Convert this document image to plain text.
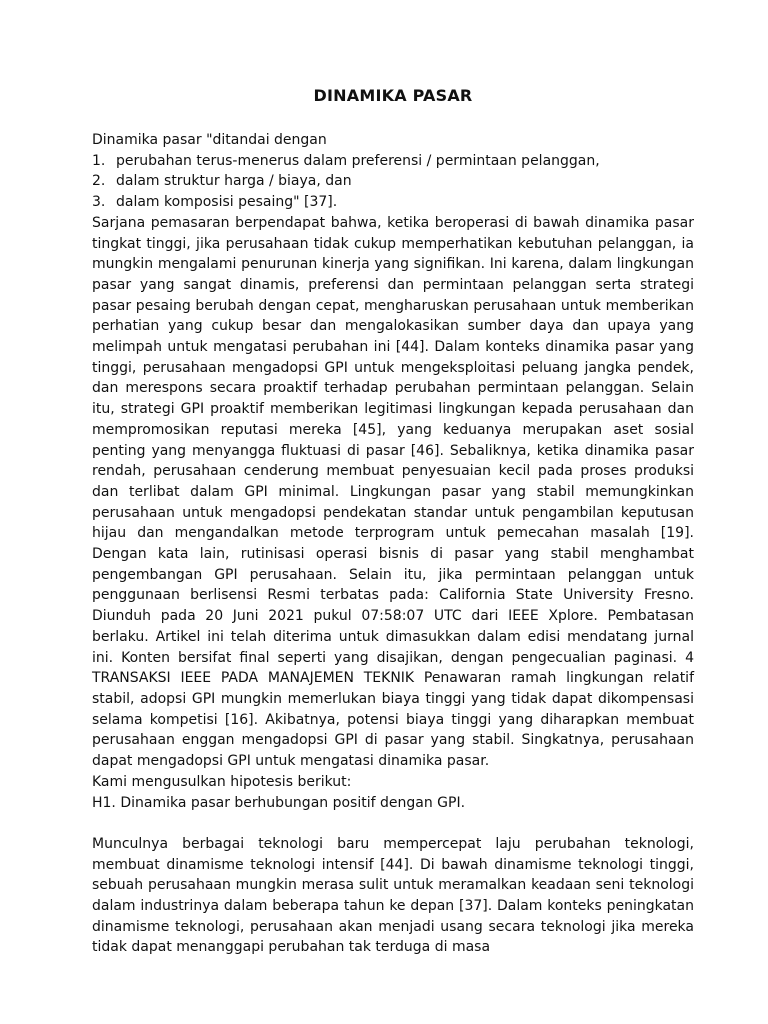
DINAMIKA PASAR

Dinamika pasar "ditandai dengan

1. perubahan terus-menerus dalam preferensi / permintaan pelanggan,

2. dalam struktur harga / biaya, dan

3. dalam komposisi pesaing" [37].

Sarjana pemasaran berpendapat bahwa, ketika beroperasi di bawah dinamika pasar tingkat tinggi, jika perusahaan tidak cukup memperhatikan kebutuhan pelanggan, ia mungkin mengalami penurunan kinerja yang signifikan. Ini karena, dalam lingkungan pasar yang sangat dinamis, preferensi dan permintaan pelanggan serta strategi pasar pesaing berubah dengan cepat, mengharuskan perusahaan untuk memberikan perhatian yang cukup besar dan mengalokasikan sumber daya dan upaya yang melimpah untuk mengatasi perubahan ini [44]. Dalam konteks dinamika pasar yang tinggi, perusahaan mengadopsi GPI untuk mengeksploitasi peluang jangka pendek, dan merespons secara proaktif terhadap perubahan permintaan pelanggan. Selain itu, strategi GPI proaktif memberikan legitimasi lingkungan kepada perusahaan dan mempromosikan reputasi mereka [45], yang keduanya merupakan aset sosial penting yang menyangga fluktuasi di pasar [46]. Sebaliknya, ketika dinamika pasar rendah, perusahaan cenderung membuat penyesuaian kecil pada proses produksi dan terlibat dalam GPI minimal. Lingkungan pasar yang stabil memungkinkan perusahaan untuk mengadopsi pendekatan standar untuk pengambilan keputusan hijau dan mengandalkan metode terprogram untuk pemecahan masalah [19]. Dengan kata lain, rutinisasi operasi bisnis di pasar yang stabil menghambat pengembangan GPI perusahaan. Selain itu, jika permintaan pelanggan untuk penggunaan berlisensi Resmi terbatas pada: California State University Fresno. Diunduh pada 20 Juni 2021 pukul 07:58:07 UTC dari IEEE Xplore. Pembatasan berlaku. Artikel ini telah diterima untuk dimasukkan dalam edisi mendatang jurnal ini. Konten bersifat final seperti yang disajikan, dengan pengecualian paginasi. 4 TRANSAKSI IEEE PADA MANAJEMEN TEKNIK Penawaran ramah lingkungan relatif stabil, adopsi GPI mungkin memerlukan biaya tinggi yang tidak dapat dikompensasi selama kompetisi [16]. Akibatnya, potensi biaya tinggi yang diharapkan membuat perusahaan enggan mengadopsi GPI di pasar yang stabil. Singkatnya, perusahaan dapat mengadopsi GPI untuk mengatasi dinamika pasar.

Kami mengusulkan hipotesis berikut:

H1. Dinamika pasar berhubungan positif dengan GPI.

Munculnya berbagai teknologi baru mempercepat laju perubahan teknologi, membuat dinamisme teknologi intensif [44]. Di bawah dinamisme teknologi tinggi, sebuah perusahaan mungkin merasa sulit untuk meramalkan keadaan seni teknologi dalam industrinya dalam beberapa tahun ke depan [37]. Dalam konteks peningkatan dinamisme teknologi, perusahaan akan menjadi usang secara teknologi jika mereka tidak dapat menanggapi perubahan tak terduga di masa
